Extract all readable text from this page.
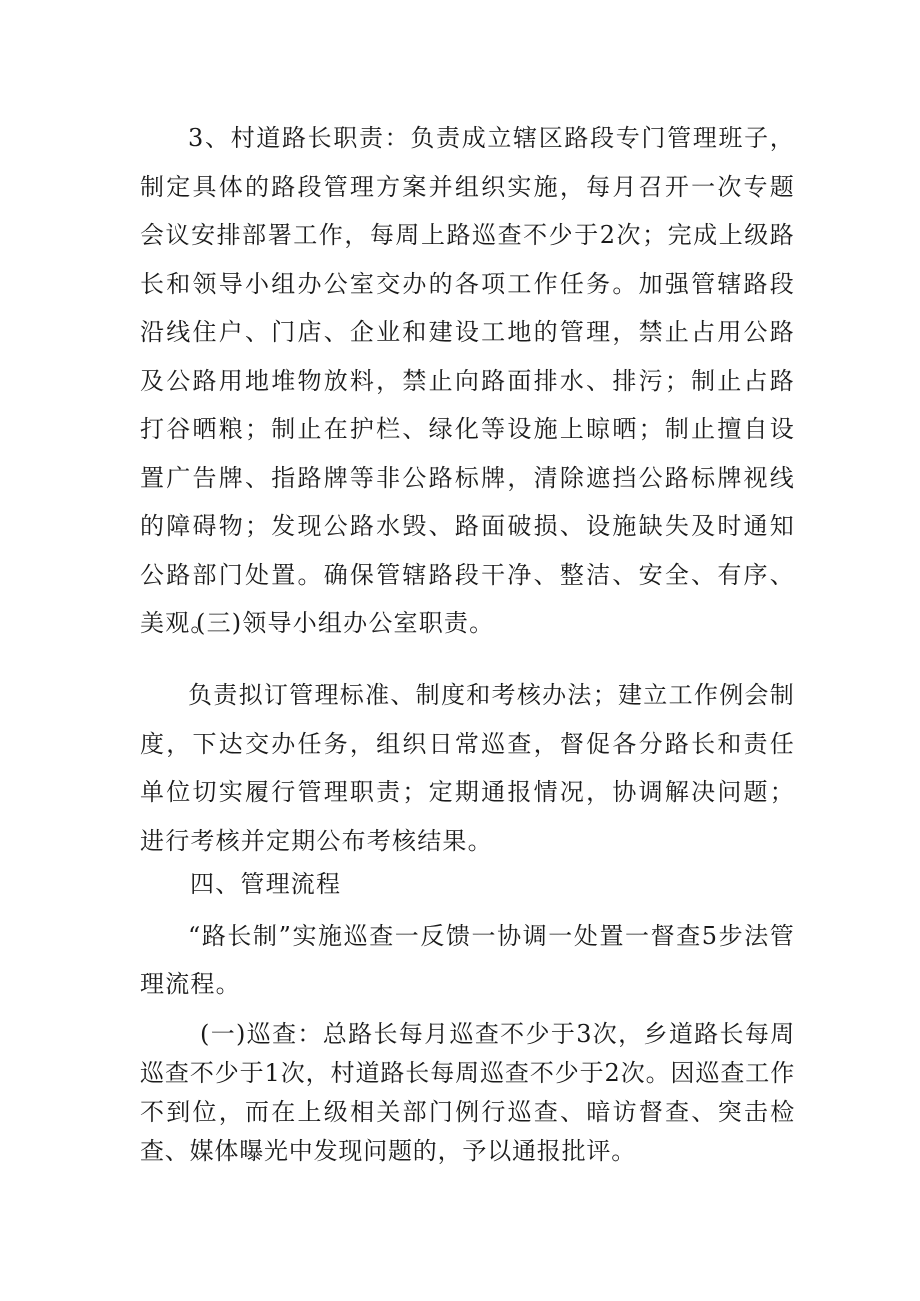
3、村道路长职责：负责成立辖区路段专门管理班子，制定具体的路段管理方案并组织实施，每月召开一次专题会议安排部署工作，每周上路巡查不少于2次；完成上级路长和领导小组办公室交办的各项工作任务。加强管辖路段沿线住户、门店、企业和建设工地的管理，禁止占用公路及公路用地堆物放料，禁止向路面排水、排污；制止占路打谷晒粮；制止在护栏、绿化等设施上晾晒；制止擅自设置广告牌、指路牌等非公路标牌，清除遮挡公路标牌视线的障碍物；发现公路水毁、路面破损、设施缺失及时通知公路部门处置。确保管辖路段干净、整洁、安全、有序、美观。

(三)领导小组办公室职责。

负责拟订管理标准、制度和考核办法；建立工作例会制度，下达交办任务，组织日常巡查，督促各分路长和责任单位切实履行管理职责；定期通报情况，协调解决问题；进行考核并定期公布考核结果。

四、管理流程

“路长制”实施巡查一反馈一协调一处置一督查5步法管理流程。

(一)巡查：总路长每月巡查不少于3次，乡道路长每周巡查不少于1次，村道路长每周巡查不少于2次。因巡查工作不到位，而在上级相关部门例行巡查、暗访督查、突击检查、媒体曝光中发现问题的，予以通报批评。
